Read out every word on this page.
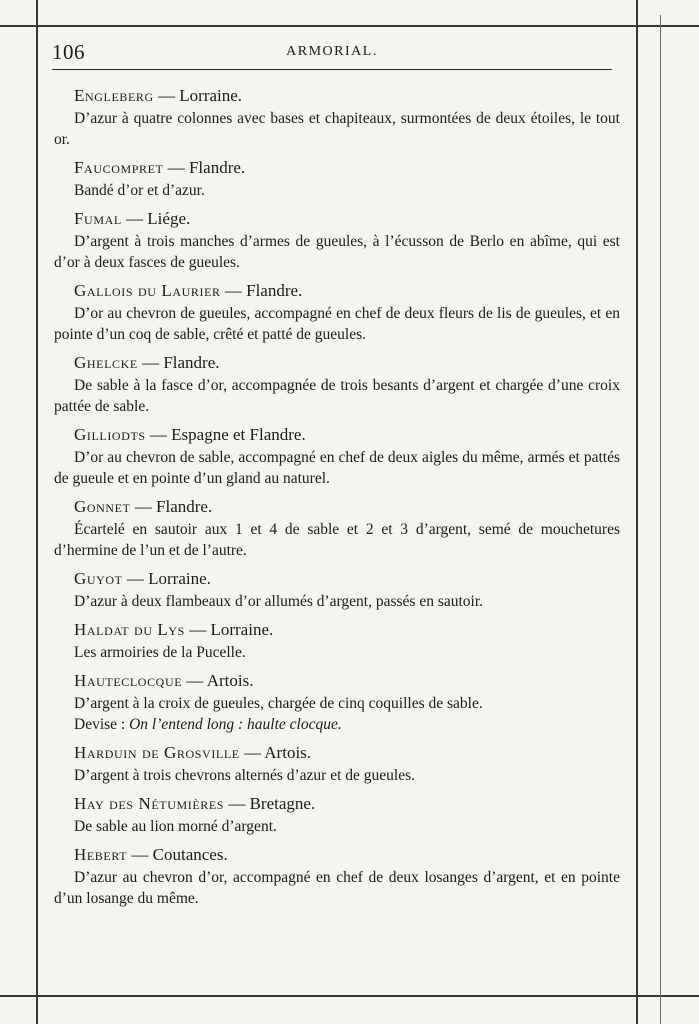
106	ARMORIAL.
Engleberg — Lorraine.
D’azur à quatre colonnes avec bases et chapiteaux, surmontées de deux étoiles, le tout or.
Faucompret — Flandre.
Bandé d’or et d’azur.
Fumal — Liége.
D’argent à trois manches d’armes de gueules, à l’écusson de Berlo en abîme, qui est d’or à deux fasces de gueules.
Gallois du Laurier — Flandre.
D’or au chevron de gueules, accompagné en chef de deux fleurs de lis de gueules, et en pointe d’un coq de sable, crêté et patté de gueules.
Ghelcke — Flandre.
De sable à la fasce d’or, accompagnée de trois besants d’argent et chargée d’une croix pattée de sable.
Gilliodts — Espagne et Flandre.
D’or au chevron de sable, accompagné en chef de deux aigles du même, armés et pattés de gueule et en pointe d’un gland au naturel.
Gonnet — Flandre.
Écartelé en sautoir aux 1 et 4 de sable et 2 et 3 d’argent, semé de mouchetures d’hermine de l’un et de l’autre.
Guyot — Lorraine.
D’azur à deux flambeaux d’or allumés d’argent, passés en sautoir.
Haldat du Lys — Lorraine.
Les armoiries de la Pucelle.
Hauteclocque — Artois.
D’argent à la croix de gueules, chargée de cinq coquilles de sable.
Devise : On l’entend long : haulte clocque.
Harduin de Grosville — Artois.
D’argent à trois chevrons alternés d’azur et de gueules.
Hay des Nétumières — Bretagne.
De sable au lion morné d’argent.
Hebert — Coutances.
D’azur au chevron d’or, accompagné en chef de deux losanges d’argent, et en pointe d’un losange du même.
